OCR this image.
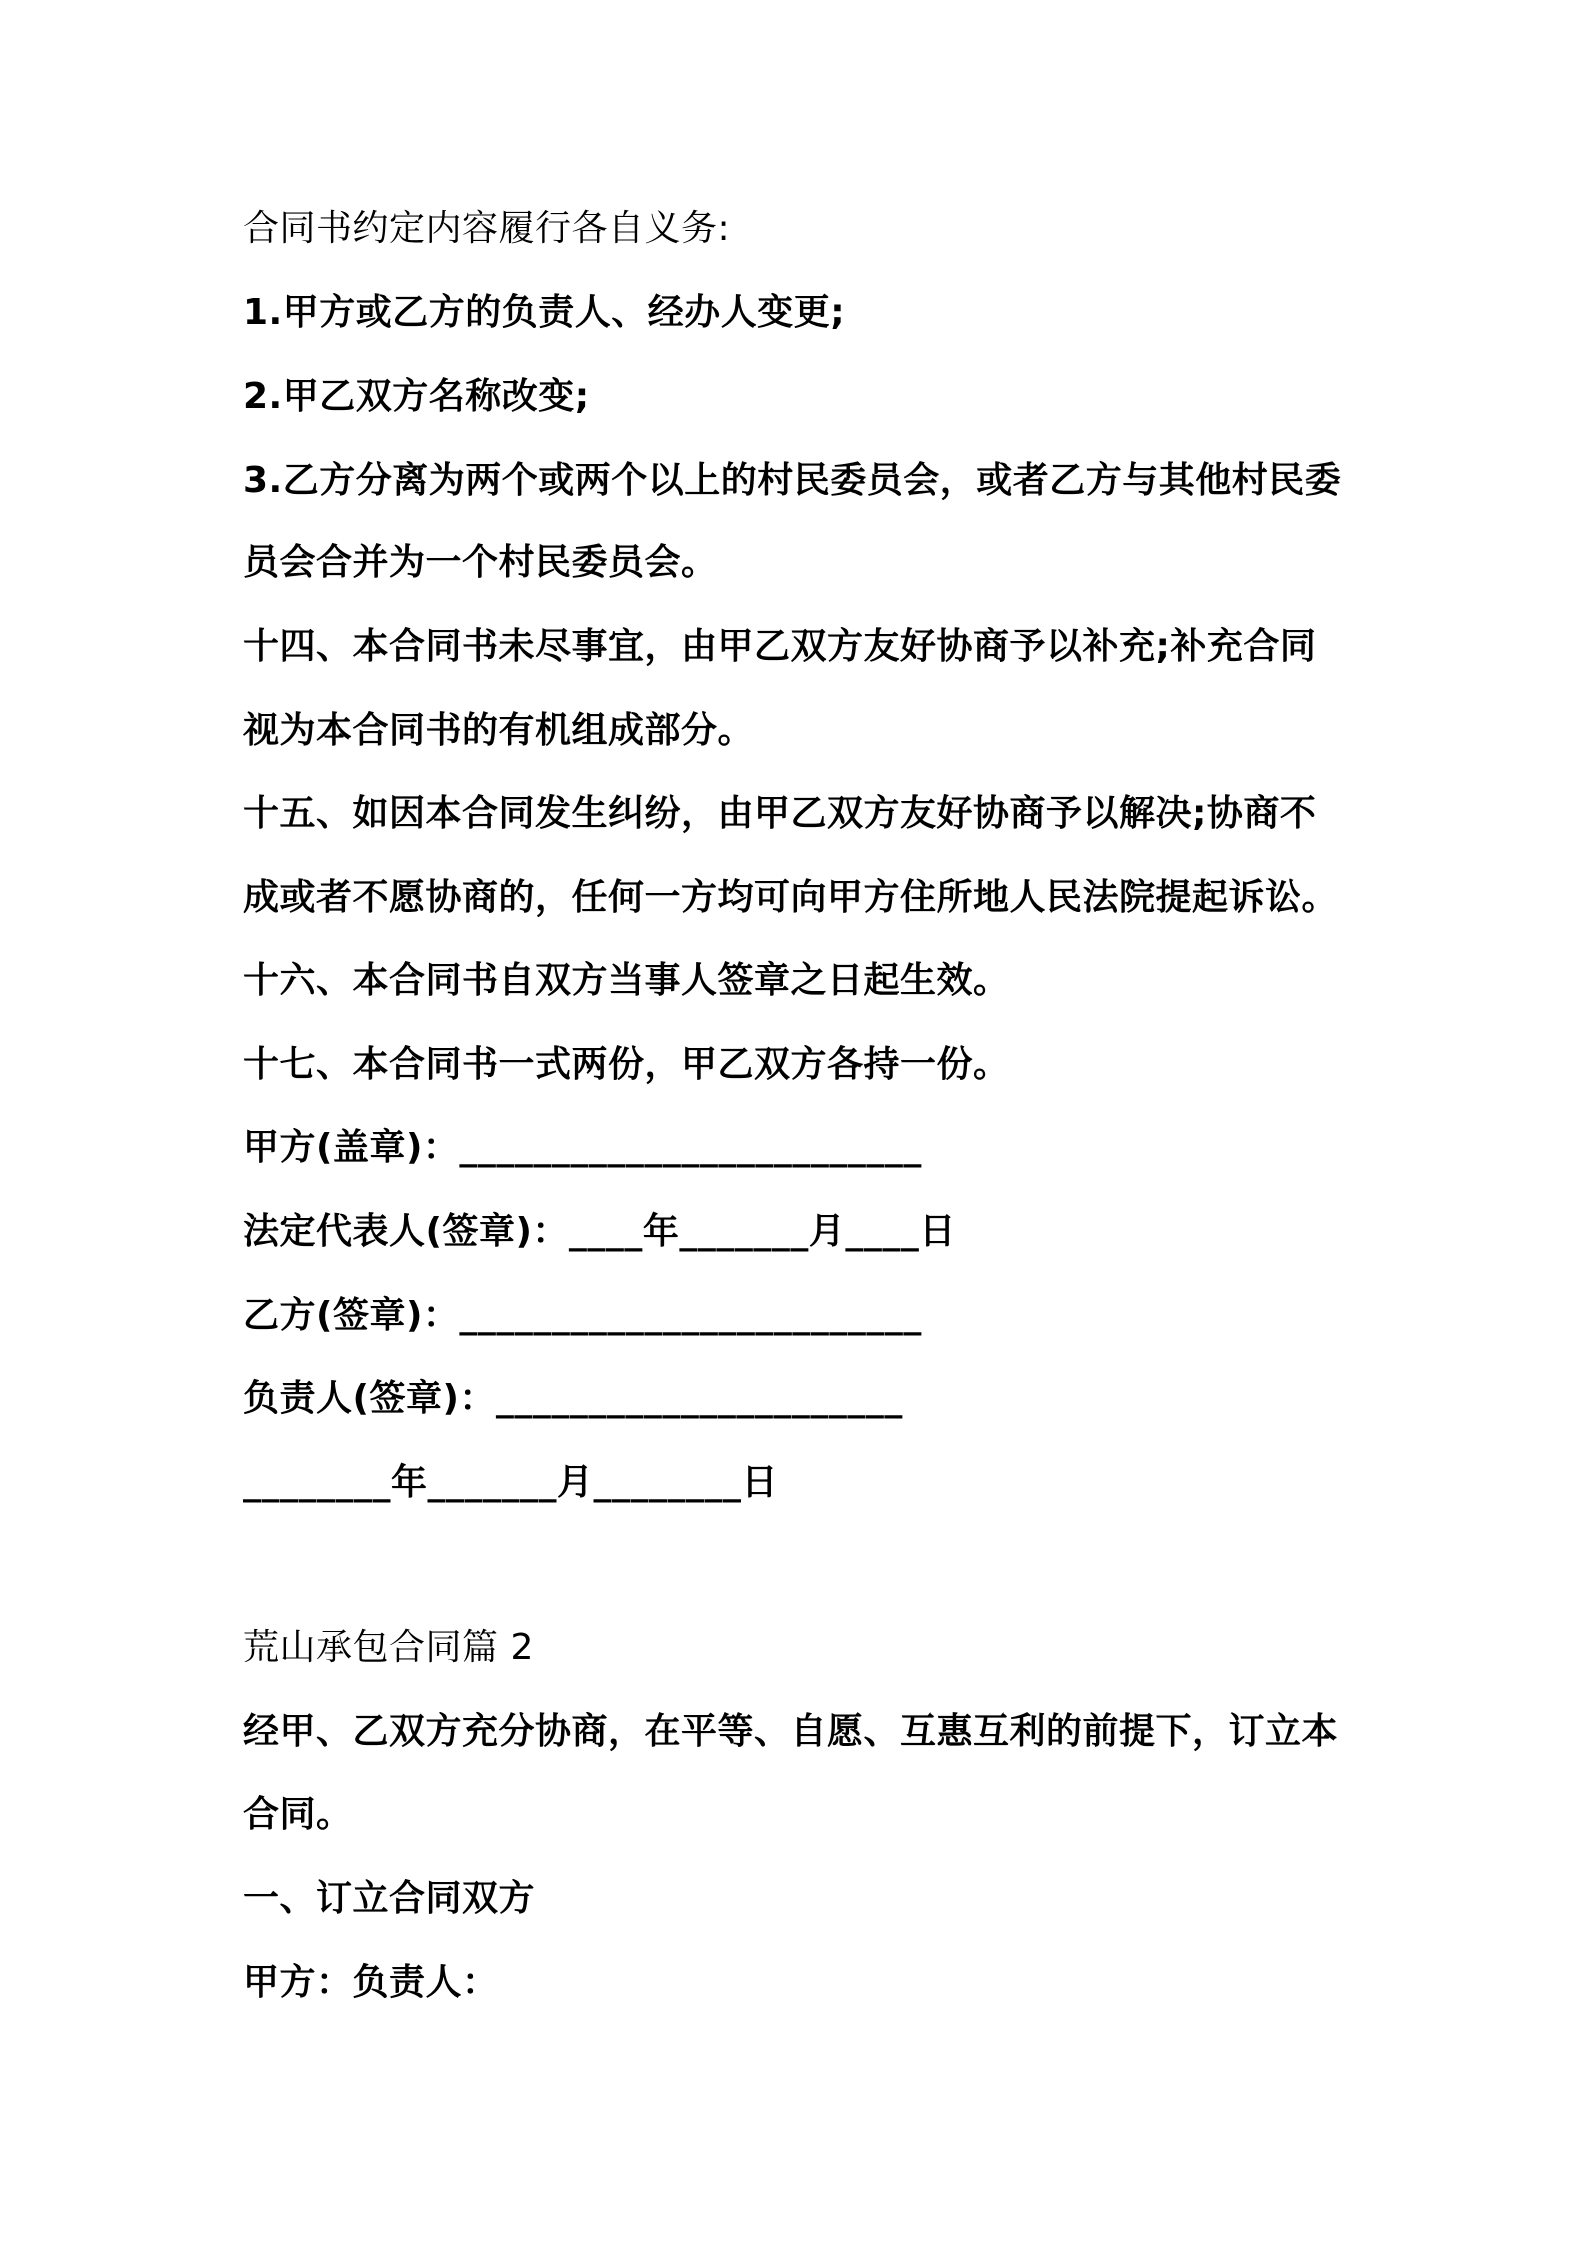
合同书约定内容履行各自义务:
1.甲方或乙方的负责人、经办人变更;
2.甲乙双方名称改变;
3.乙方分离为两个或两个以上的村民委员会，或者乙方与其他村民委
员会合并为一个村民委员会。
十四、本合同书未尽事宜，由甲乙双方友好协商予以补充;补充合同
视为本合同书的有机组成部分。
十五、如因本合同发生纠纷，由甲乙双方友好协商予以解决;协商不
成或者不愿协商的，任何一方均可向甲方住所地人民法院提起诉讼。
十六、本合同书自双方当事人签章之日起生效。
十七、本合同书一式两份，甲乙双方各持一份。
甲方(盖章)：_________________________
法定代表人(签章)：____年_______月____日
乙方(签章)：_________________________
负责人(签章)：______________________
________年_______月________日
荒山承包合同篇 2
经甲、乙双方充分协商，在平等、自愿、互惠互利的前提下，订立本
合同。
一、订立合同双方
甲方：负责人：
